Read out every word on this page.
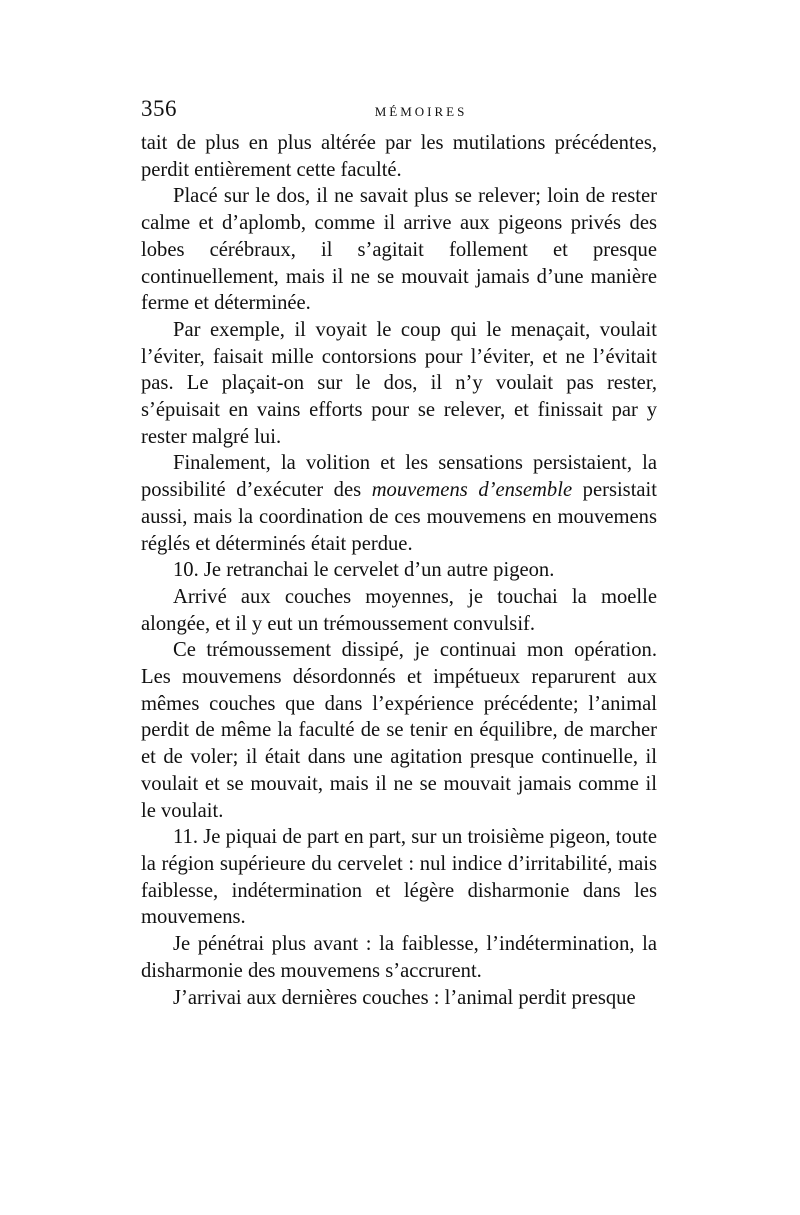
356	MÉMOIRES

tait de plus en plus altérée par les mutilations précédentes, perdit entièrement cette faculté.

Placé sur le dos, il ne savait plus se relever; loin de rester calme et d’aplomb, comme il arrive aux pigeons privés des lobes cérébraux, il s’agitait follement et presque continuellement, mais il ne se mouvait jamais d’une manière ferme et déterminée.

Par exemple, il voyait le coup qui le menaçait, voulait l’éviter, faisait mille contorsions pour l’éviter, et ne l’évitait pas. Le plaçait-on sur le dos, il n’y voulait pas rester, s’épuisait en vains efforts pour se relever, et finissait par y rester malgré lui.

Finalement, la volition et les sensations persistaient, la possibilité d’exécuter des mouvemens d’ensemble persistait aussi, mais la coordination de ces mouvemens en mouvemens réglés et déterminés était perdue.

10. Je retranchai le cervelet d’un autre pigeon.

Arrivé aux couches moyennes, je touchai la moelle alongée, et il y eut un trémoussement convulsif.

Ce trémoussement dissipé, je continuai mon opération. Les mouvemens désordonnés et impétueux reparurent aux mêmes couches que dans l’expérience précédente; l’animal perdit de même la faculté de se tenir en équilibre, de marcher et de voler; il était dans une agitation presque continuelle, il voulait et se mouvait, mais il ne se mouvait jamais comme il le voulait.

11. Je piquai de part en part, sur un troisième pigeon, toute la région supérieure du cervelet : nul indice d’irritabilité, mais faiblesse, indétermination et légère disharmonie dans les mouvemens.

Je pénétrai plus avant : la faiblesse, l’indétermination, la disharmonie des mouvemens s’accrurent.

J’arrivai aux dernières couches : l’animal perdit presque
